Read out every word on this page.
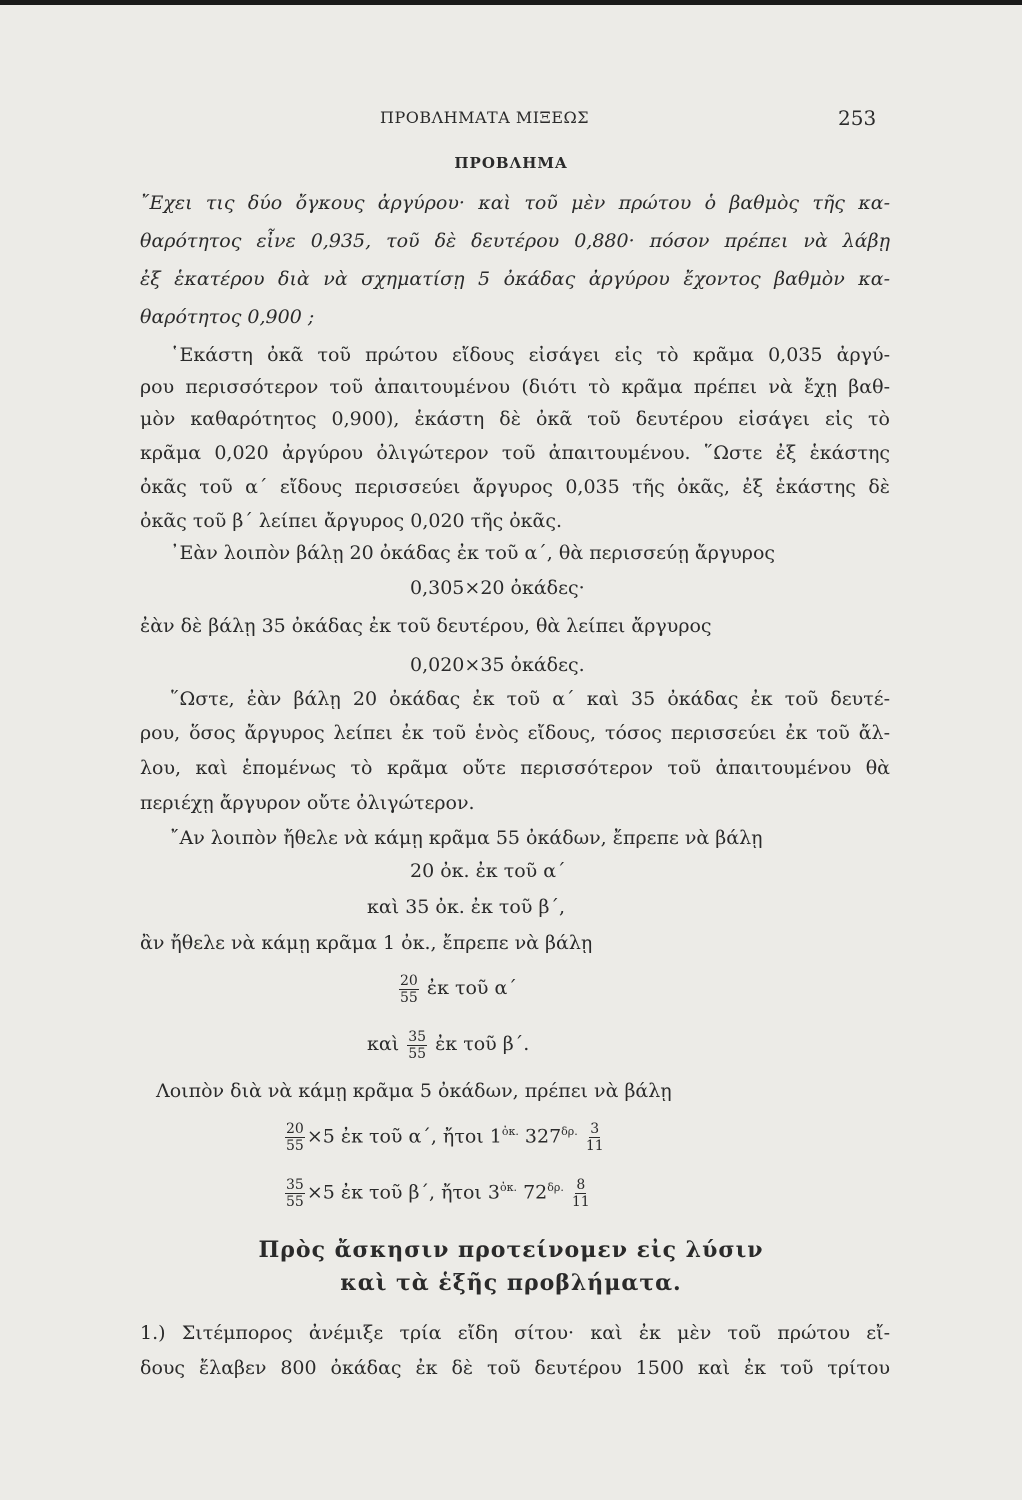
ΠΡΟΒΛΗΜΑΤΑ ΜΙΞΕΩΣ	253
ΠΡΟΒΛΗΜΑ
῎Εχει τις δύο ὄγκους ἀργύρου· καὶ τοῦ μὲν πρώτου ὁ βαθμὸς τῆς κα-
θαρότητος εἶνε 0,935, τοῦ δὲ δευτέρου 0,880· πόσον πρέπει νὰ λάβῃ
ἐξ ἑκατέρου διὰ νὰ σχηματίσῃ 5 ὀκάδας ἀργύρου ἔχοντος βαθμὸν κα-
θαρότητος 0,900 ;
῾Εκάστη ὀκᾶ τοῦ πρώτου εἴδους εἰσάγει εἰς τὸ κρᾶμα 0,035 ἀργύ-
ρου περισσότερον τοῦ ἀπαιτουμένου (διότι τὸ κρᾶμα πρέπει νὰ ἔχῃ βαθ-
μὸν καθαρότητος 0,900), ἑκάστη δὲ ὀκᾶ τοῦ δευτέρου εἰσάγει εἰς τὸ
κρᾶμα 0,020 ἀργύρου ὀλιγώτερον τοῦ ἀπαιτουμένου. ῞Ωστε ἐξ ἑκάστης
ὀκᾶς τοῦ α΄ εἴδους περισσεύει ἄργυρος 0,035 τῆς ὀκᾶς, ἐξ ἑκάστης δὲ
ὀκᾶς τοῦ β΄ λείπει ἄργυρος 0,020 τῆς ὀκᾶς.
᾿Εὰν λοιπὸν βάλῃ 20 ὀκάδας ἐκ τοῦ α΄, θὰ περισσεύῃ ἄργυρος
0,305×20 ὀκάδες·
ἐὰν δὲ βάλῃ 35 ὀκάδας ἐκ τοῦ δευτέρου, θὰ λείπει ἄργυρος
0,020×35 ὀκάδες.
῞Ωστε, ἐὰν βάλῃ 20 ὀκάδας ἐκ τοῦ α΄ καὶ 35 ὀκάδας ἐκ τοῦ δευτέ-
ρου, ὅσος ἄργυρος λείπει ἐκ τοῦ ἑνὸς εἴδους, τόσος περισσεύει ἐκ τοῦ ἄλ-
λου, καὶ ἑπομένως τὸ κρᾶμα οὔτε περισσότερον τοῦ ἀπαιτουμένου θὰ
περιέχῃ ἄργυρον οὔτε ὀλιγώτερον.
῎Αν λοιπὸν ἤθελε νὰ κάμῃ κρᾶμα 55 ὀκάδων, ἔπρεπε νὰ βάλῃ
20 ὀκ. ἐκ τοῦ α΄
καὶ 35 ὀκ. ἐκ τοῦ β΄,
ἂν ἤθελε νὰ κάμῃ κρᾶμα 1 ὀκ., ἔπρεπε νὰ βάλῃ
$\frac{20}{55}$ ἐκ τοῦ α΄
καὶ $\frac{35}{55}$ ἐκ τοῦ β΄.
Λοιπὸν διὰ νὰ κάμῃ κρᾶμα 5 ὀκάδων, πρέπει νὰ βάλῃ
$\frac{20}{55} \times 5$ ἐκ τοῦ α΄, ἤτοι $1^{ὀ\kappa.}$ $327^{\delta\rho.} \frac{3}{11}$
$\frac{35}{55} \times 5$ ἐκ τοῦ β΄, ἤτοι $3^{ὀ\kappa.}$ $72^{\delta\rho.} \frac{8}{11}$
Πρὸς ἄσκησιν προτείνομεν εἰς λύσιν
καὶ τὰ ἑξῆς προβλήματα.
1.) Σιτέμπορος ἀνέμιξε τρία εἴδη σίτου· καὶ ἐκ μὲν τοῦ πρώτου εἴ-
δους ἔλαβεν 800 ὀκάδας ἐκ δὲ τοῦ δευτέρου 1500 καὶ ἐκ τοῦ τρίτου
